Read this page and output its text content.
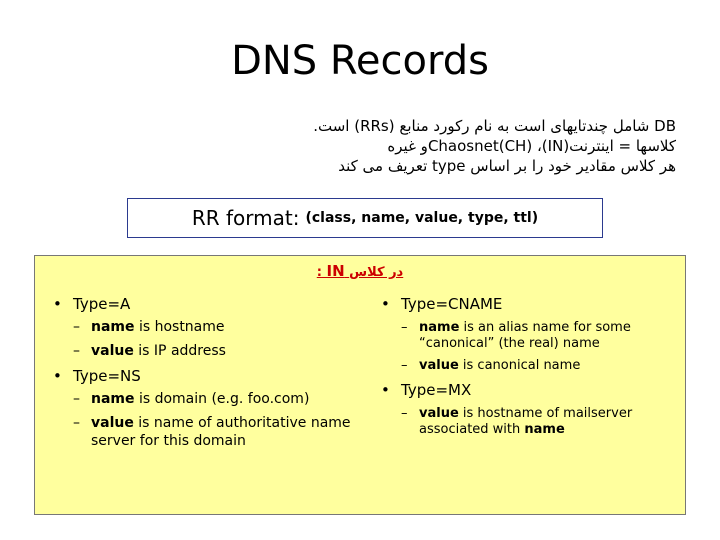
DNS Records
DB شامل چندتایهای است به نام رکورد منابع (RRs) است.
کلاسها = اینترنت(IN)، Chaosnet(CH)و غیره
هر کلاس مقادیر خود را بر اساس type تعریف می کند
RR format: (class, name, value, type, ttl)
در کلاس IN :
• Type=A
– name is hostname
– value is IP address
• Type=NS
– name is domain (e.g. foo.com)
– value is name of authoritative name server for this domain
• Type=CNAME
– name is an alias name for some “canonical” (the real) name
– value is canonical name
• Type=MX
– value is hostname of mailserver associated with name
